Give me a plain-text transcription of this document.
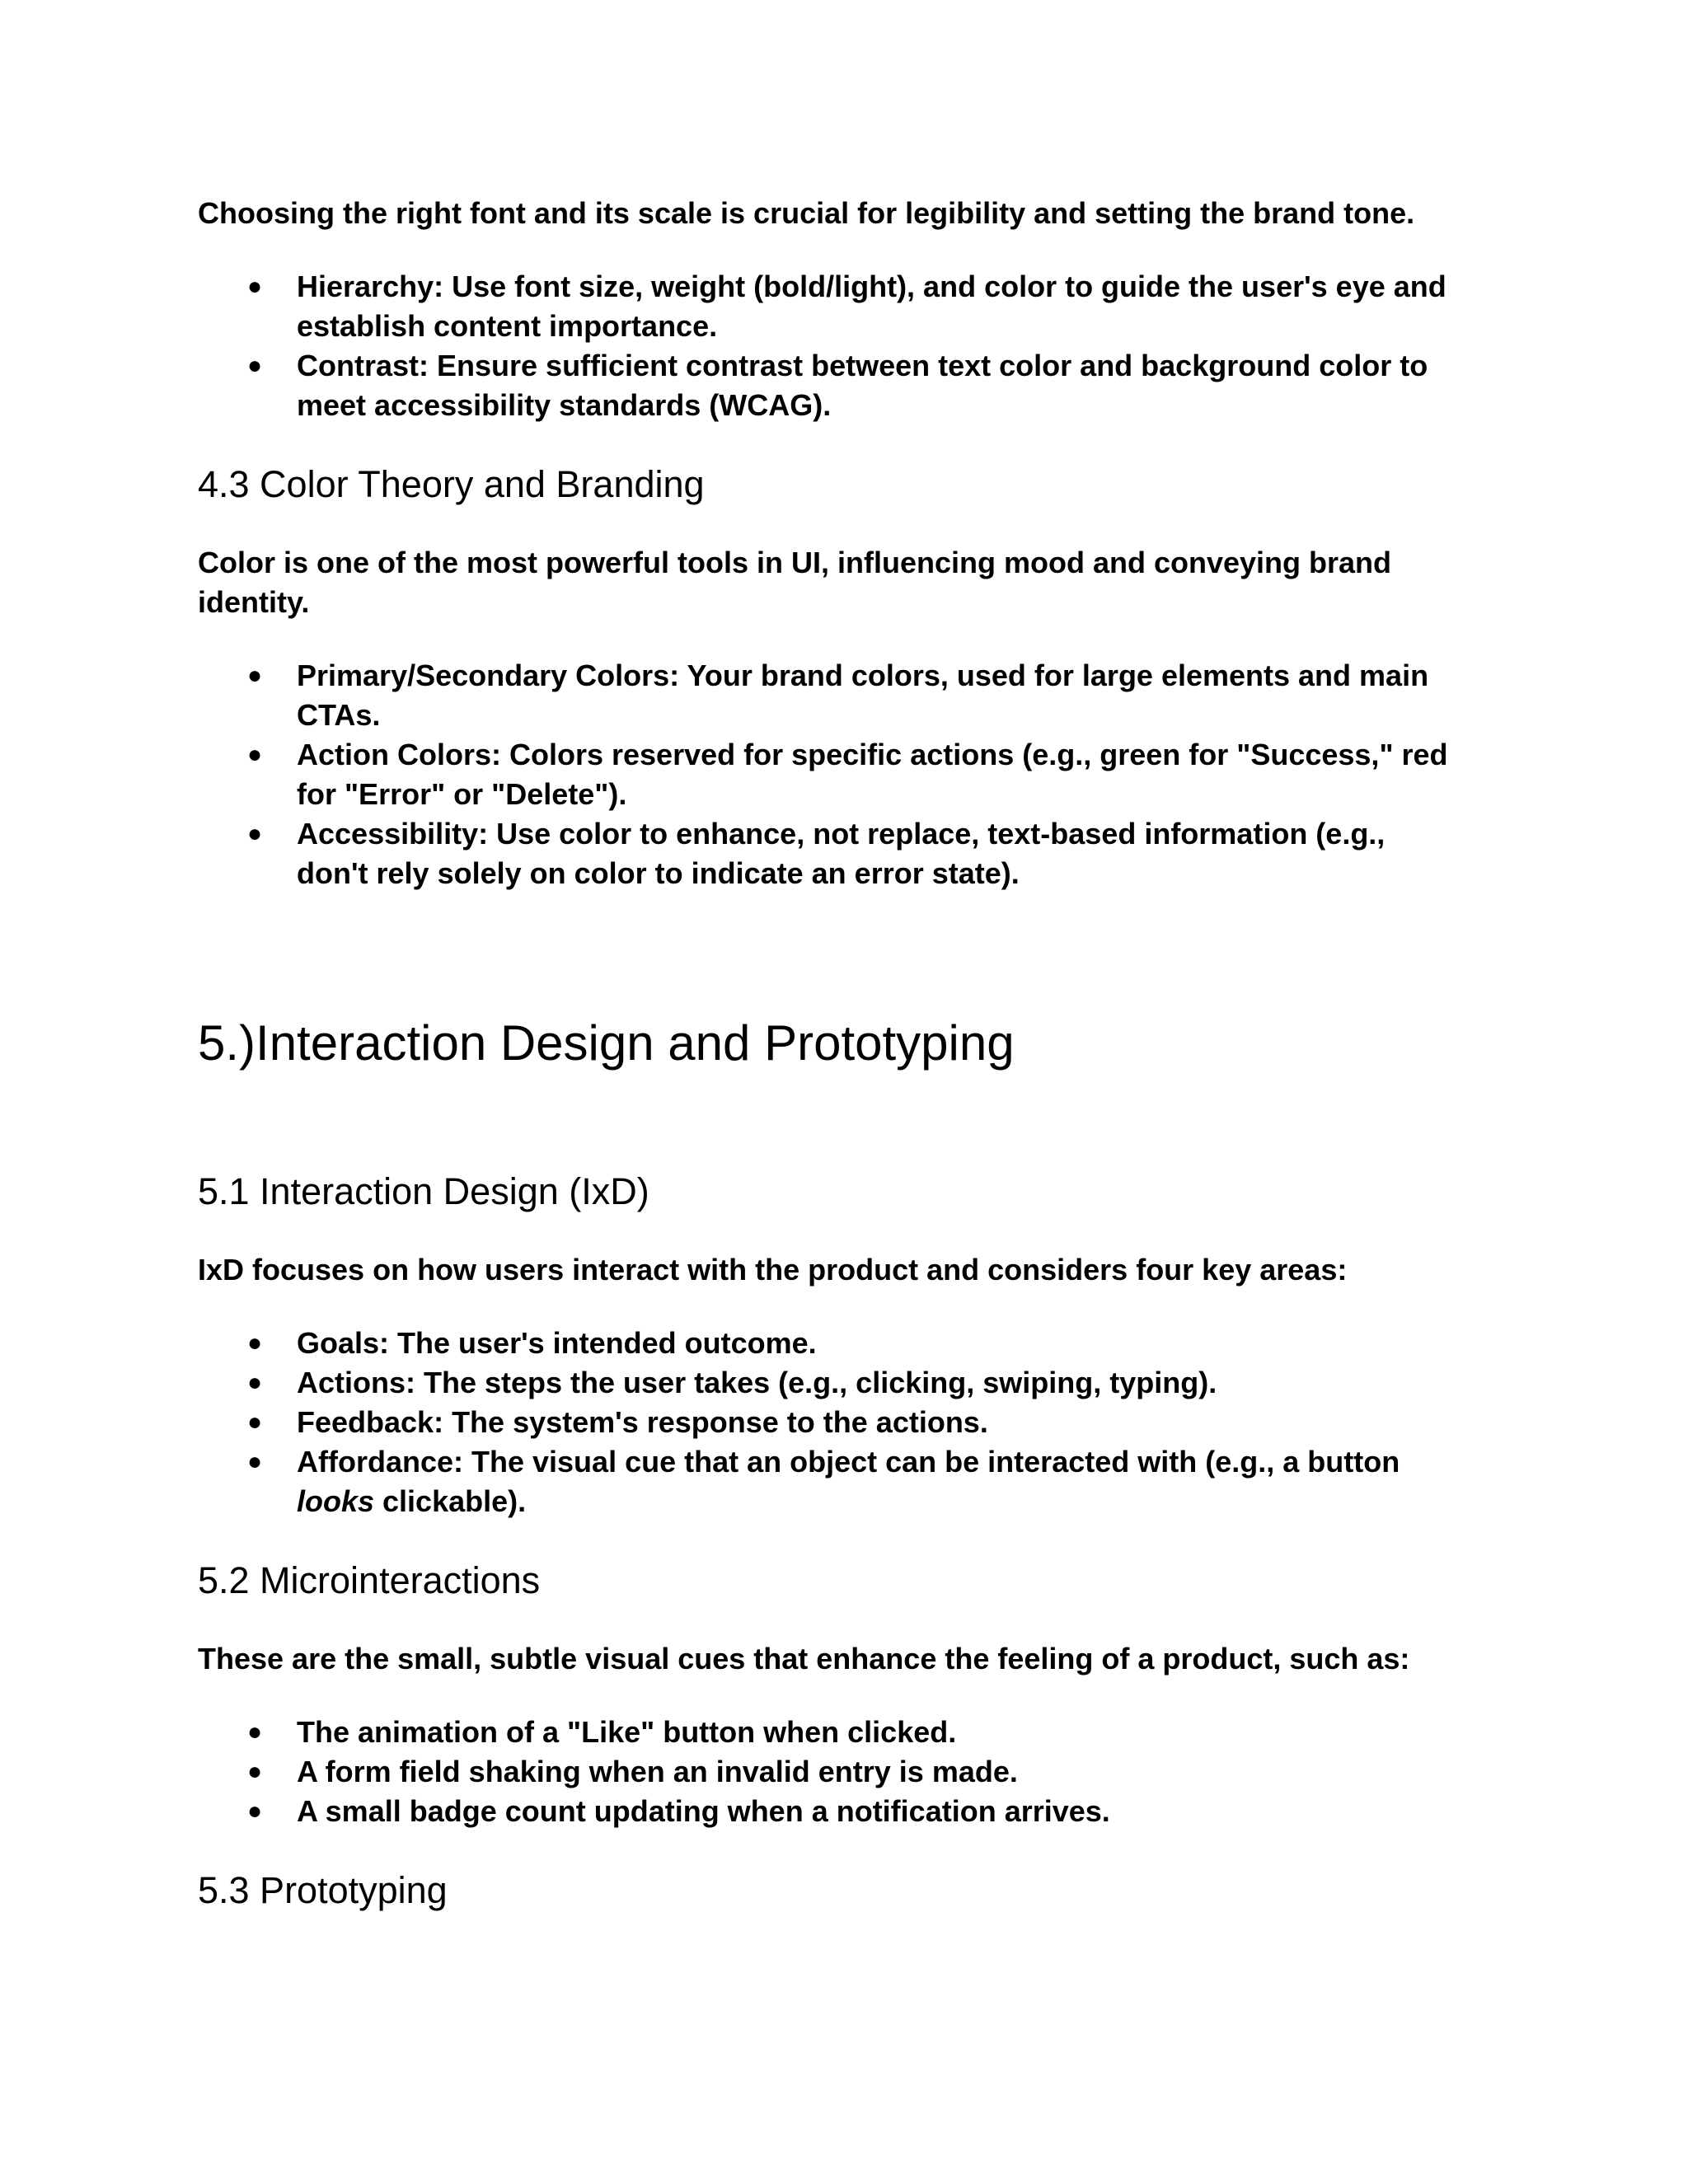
Choosing the right font and its scale is crucial for legibility and setting the brand tone.

● Hierarchy: Use font size, weight (bold/light), and color to guide the user's eye and
establish content importance.
● Contrast: Ensure sufficient contrast between text color and background color to
meet accessibility standards (WCAG).
4.3 Color Theory and Branding

Color is one of the most powerful tools in UI, influencing mood and conveying brand

identity.

● Primary/Secondary Colors: Your brand colors, used for large elements and main
CTAs.
● Action Colors: Colors reserved for specific actions (e.g., green for "Success," red
for "Error" or "Delete").
● Accessibility: Use color to enhance, not replace, text-based information (e.g.,
don't rely solely on color to indicate an error state).
5.)Interaction Design and Prototyping
5.1 Interaction Design (IxD)

IxD focuses on how users interact with the product and considers four key areas:

● Goals: The user's intended outcome.
● Actions: The steps the user takes (e.g., clicking, swiping, typing).
● Feedback: The system's response to the actions.
● Affordance: The visual cue that an object can be interacted with (e.g., a button
looks clickable).
5.2 Microinteractions

These are the small, subtle visual cues that enhance the feeling of a product, such as:

● The animation of a "Like" button when clicked.
● A form field shaking when an invalid entry is made.
● A small badge count updating when a notification arrives.
5.3 Prototyping
